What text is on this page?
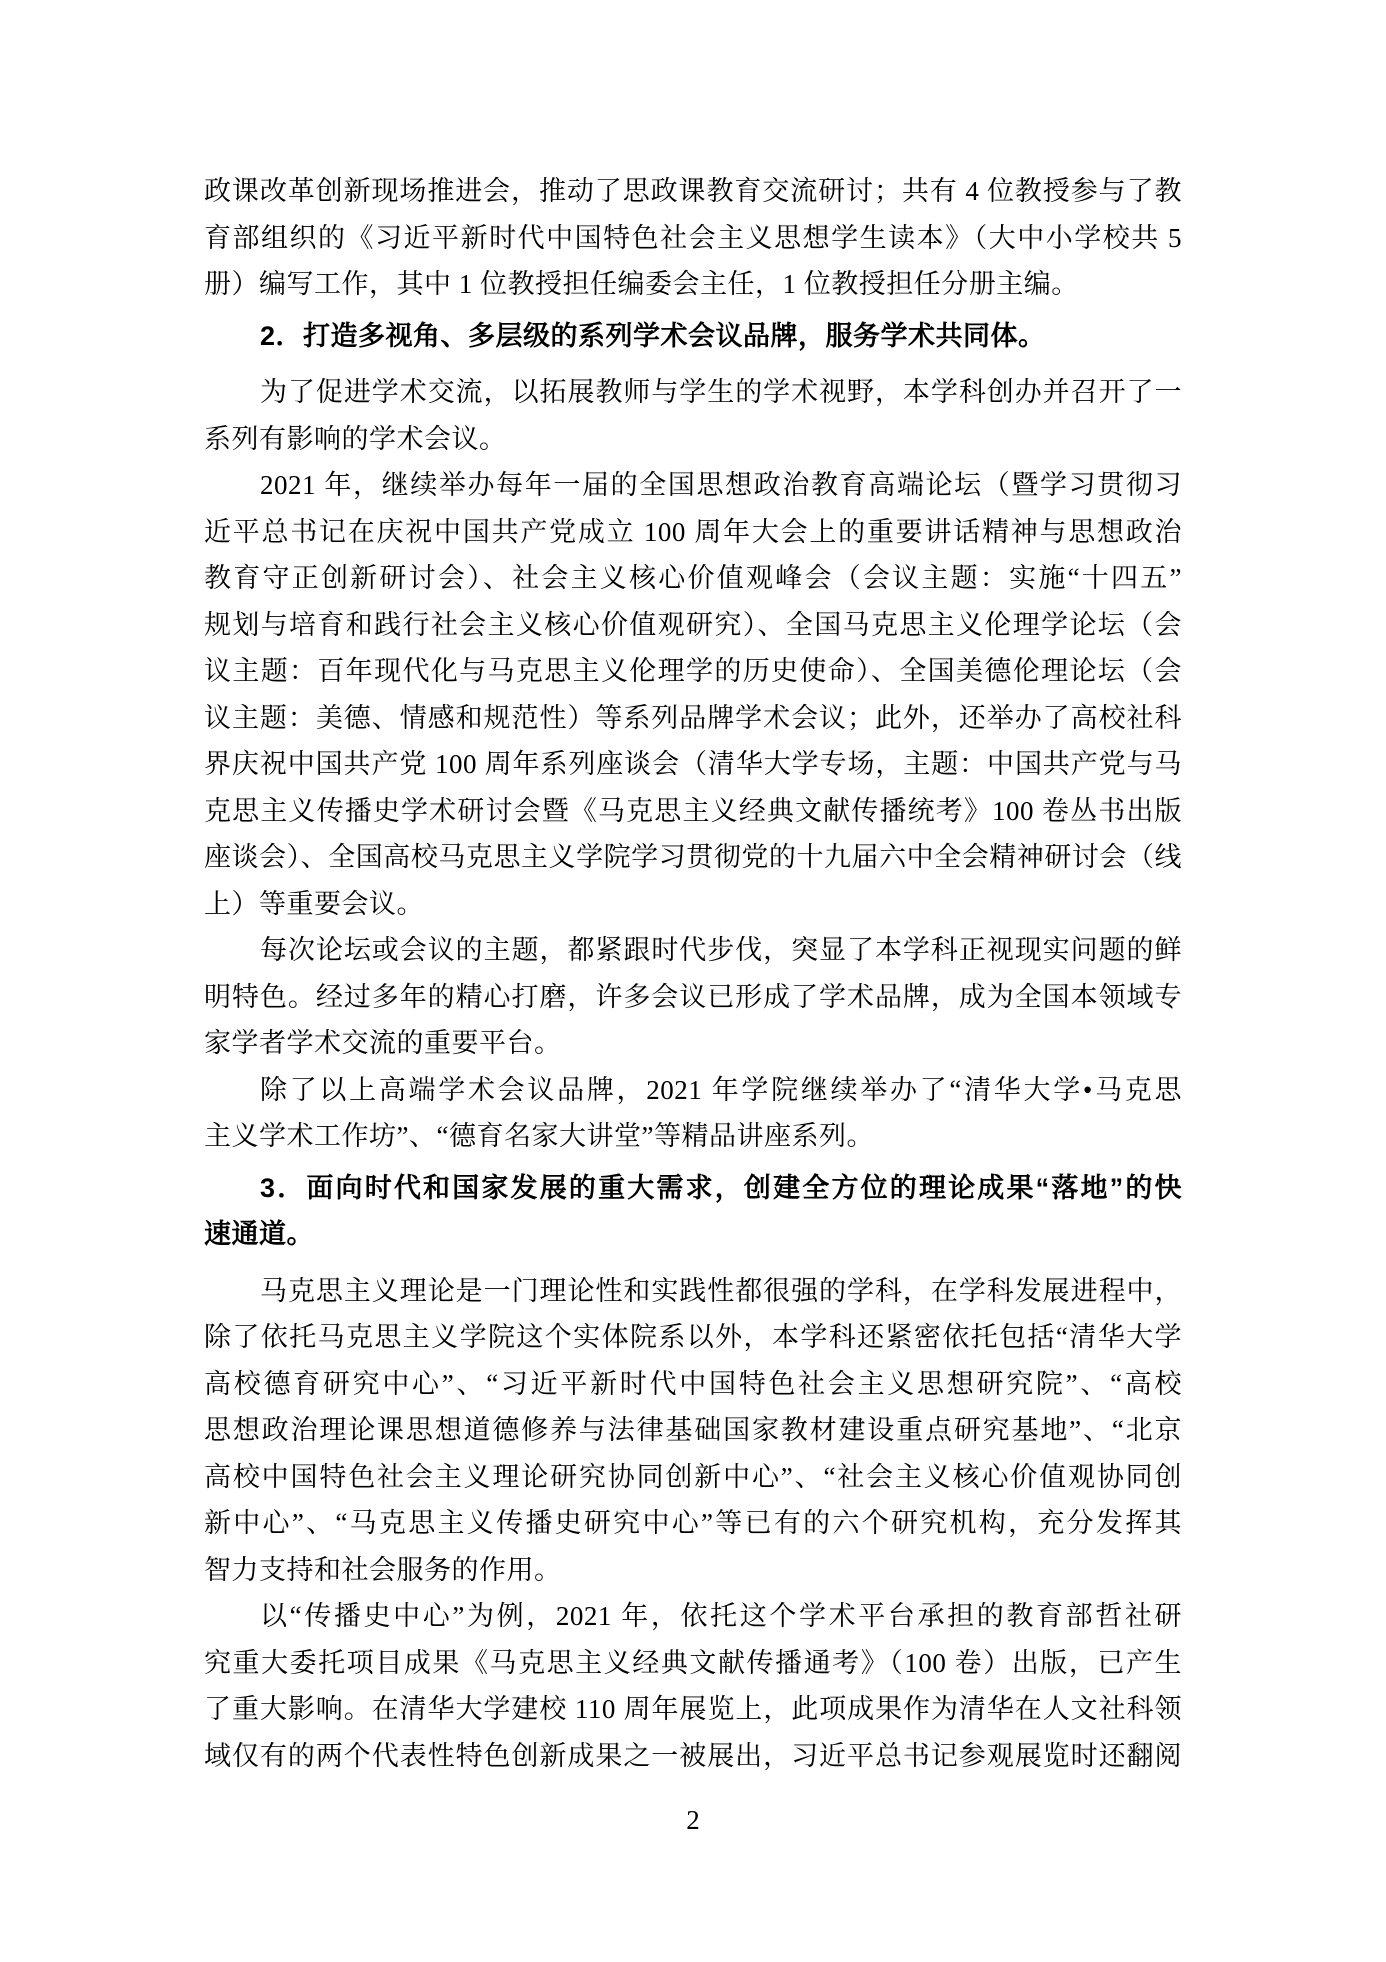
政课改革创新现场推进会，推动了思政课教育交流研讨；共有 4 位教授参与了教
育部组织的《习近平新时代中国特色社会主义思想学生读本》（大中小学校共 5
册）编写工作，其中 1 位教授担任编委会主任，1 位教授担任分册主编。
2．打造多视角、多层级的系列学术会议品牌，服务学术共同体。
为了促进学术交流，以拓展教师与学生的学术视野，本学科创办并召开了一
系列有影响的学术会议。
2021 年，继续举办每年一届的全国思想政治教育高端论坛（暨学习贯彻习
近平总书记在庆祝中国共产党成立 100 周年大会上的重要讲话精神与思想政治
教育守正创新研讨会）、社会主义核心价值观峰会（会议主题：实施“十四五”
规划与培育和践行社会主义核心价值观研究）、全国马克思主义伦理学论坛（会
议主题：百年现代化与马克思主义伦理学的历史使命）、全国美德伦理论坛（会
议主题：美德、情感和规范性）等系列品牌学术会议；此外，还举办了高校社科
界庆祝中国共产党 100 周年系列座谈会（清华大学专场，主题：中国共产党与马
克思主义传播史学术研讨会暨《马克思主义经典文献传播统考》100 卷丛书出版
座谈会）、全国高校马克思主义学院学习贯彻党的十九届六中全会精神研讨会（线
上）等重要会议。
每次论坛或会议的主题，都紧跟时代步伐，突显了本学科正视现实问题的鲜
明特色。经过多年的精心打磨，许多会议已形成了学术品牌，成为全国本领域专
家学者学术交流的重要平台。
除了以上高端学术会议品牌，2021 年学院继续举办了“清华大学•马克思
主义学术工作坊”、“德育名家大讲堂”等精品讲座系列。
3．面向时代和国家发展的重大需求，创建全方位的理论成果“落地”的快
速通道。
马克思主义理论是一门理论性和实践性都很强的学科，在学科发展进程中，
除了依托马克思主义学院这个实体院系以外，本学科还紧密依托包括“清华大学
高校德育研究中心”、“习近平新时代中国特色社会主义思想研究院”、“高校
思想政治理论课思想道德修养与法律基础国家教材建设重点研究基地”、“北京
高校中国特色社会主义理论研究协同创新中心”、“社会主义核心价值观协同创
新中心”、“马克思主义传播史研究中心”等已有的六个研究机构，充分发挥其
智力支持和社会服务的作用。
以“传播史中心”为例，2021 年，依托这个学术平台承担的教育部哲社研
究重大委托项目成果《马克思主义经典文献传播通考》（100 卷）出版，已产生
了重大影响。在清华大学建校 110 周年展览上，此项成果作为清华在人文社科领
域仅有的两个代表性特色创新成果之一被展出，习近平总书记参观展览时还翻阅
2
